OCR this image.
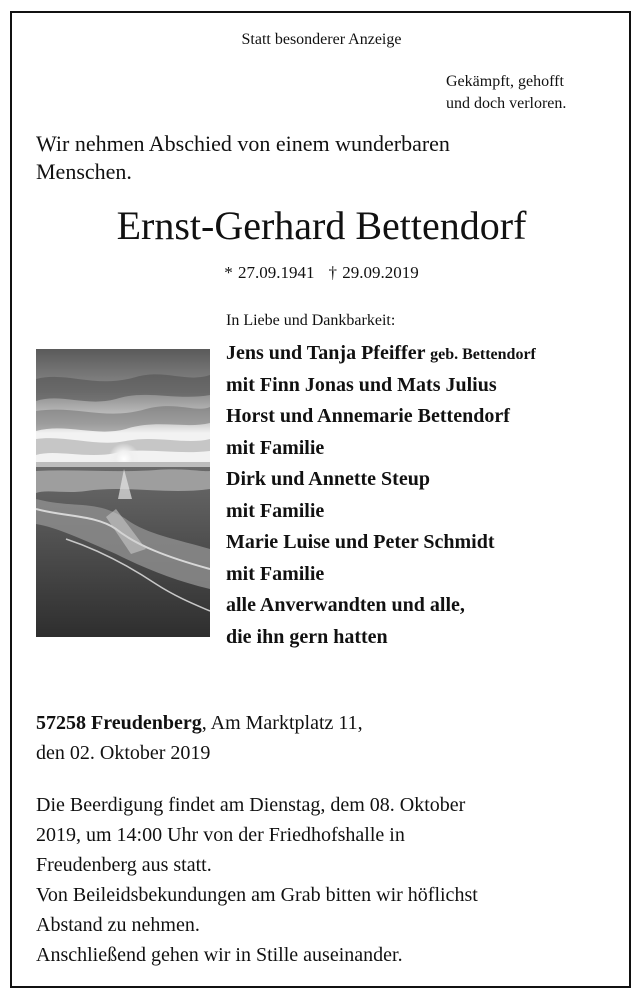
Statt besonderer Anzeige
Gekämpft, gehofft
und doch verloren.
Wir nehmen Abschied von einem wunderbaren
Menschen.
Ernst-Gerhard Bettendorf
* 27.09.1941 † 29.09.2019
In Liebe und Dankbarkeit:
Jens und Tanja Pfeiffer geb. Bettendorf
mit Finn Jonas und Mats Julius
Horst und Annemarie Bettendorf
mit Familie
Dirk und Annette Steup
mit Familie
Marie Luise und Peter Schmidt
mit Familie
alle Anverwandten und alle,
die ihn gern hatten
57258 Freudenberg, Am Marktplatz 11,
den 02. Oktober 2019
Die Beerdigung findet am Dienstag, dem 08. Oktober
2019, um 14:00 Uhr von der Friedhofshalle in
Freudenberg aus statt.
Von Beileidsbekundungen am Grab bitten wir höflichst
Abstand zu nehmen.
Anschließend gehen wir in Stille auseinander.
